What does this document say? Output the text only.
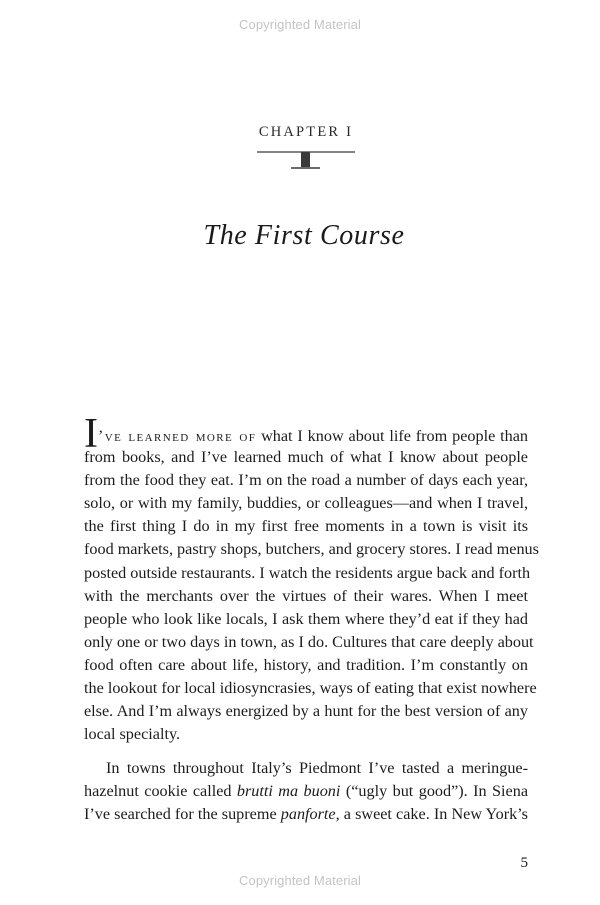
Copyrighted Material
CHAPTER I
The First Course
I’ve learned more of what I know about life from people than
from books, and I’ve learned much of what I know about people
from the food they eat. I’m on the road a number of days each year,
solo, or with my family, buddies, or colleagues—and when I travel,
the first thing I do in my first free moments in a town is visit its
food markets, pastry shops, butchers, and grocery stores. I read menus
posted outside restaurants. I watch the residents argue back and forth
with the merchants over the virtues of their wares. When I meet
people who look like locals, I ask them where they’d eat if they had
only one or two days in town, as I do. Cultures that care deeply about
food often care about life, history, and tradition. I’m constantly on
the lookout for local idiosyncrasies, ways of eating that exist nowhere
else. And I’m always energized by a hunt for the best version of any
local specialty.
In towns throughout Italy’s Piedmont I’ve tasted a meringue-
hazelnut cookie called brutti ma buoni (“ugly but good”). In Siena
I’ve searched for the supreme panforte, a sweet cake. In New York’s
5
Copyrighted Material
